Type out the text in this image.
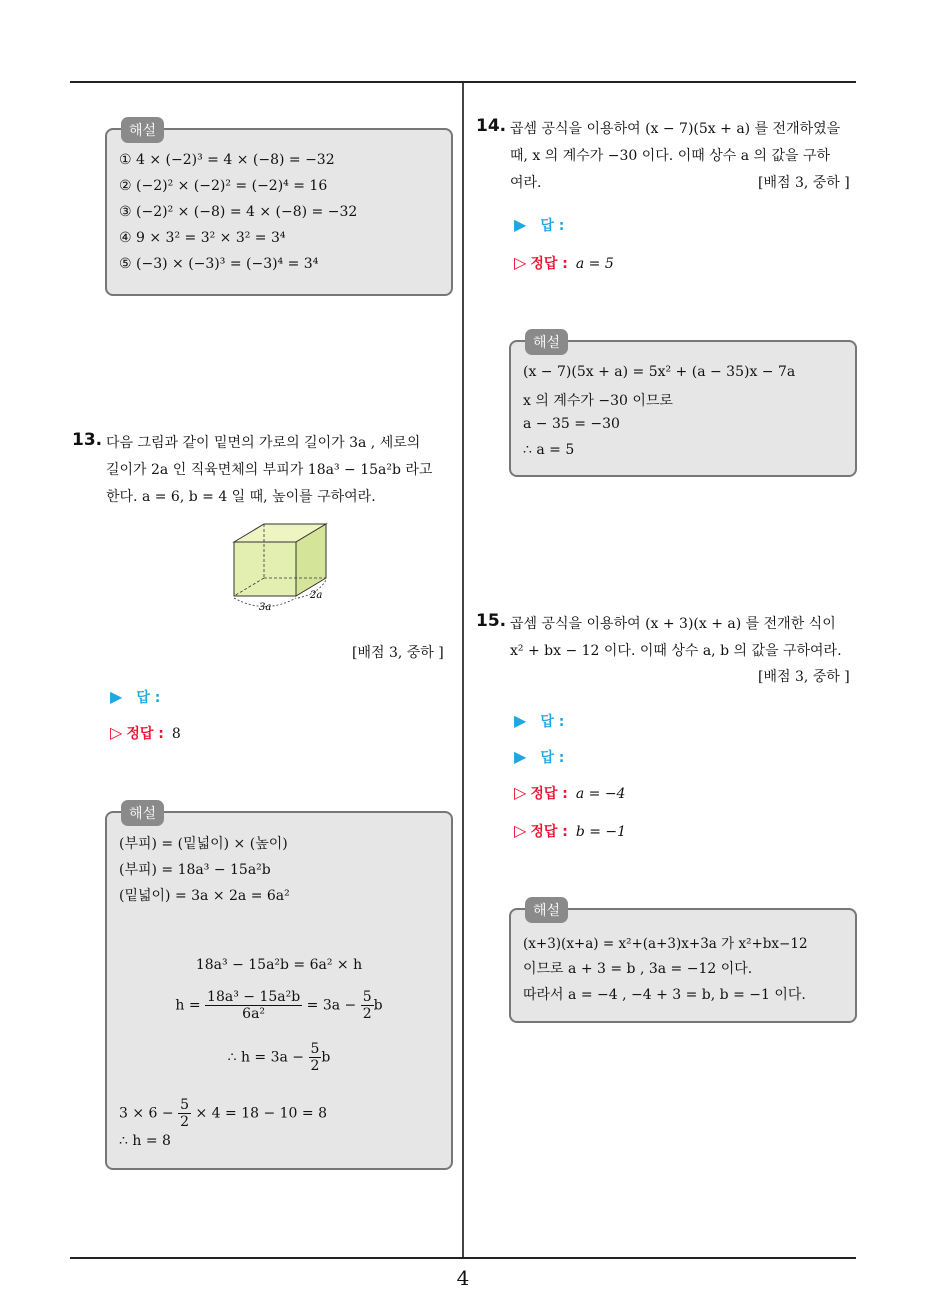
해설
① 4 × (−2)³ = 4 × (−8) = −32
② (−2)² × (−2)² = (−2)⁴ = 16
③ (−2)² × (−8) = 4 × (−8) = −32
④ 9 × 3² = 3² × 3² = 3⁴
⑤ (−3) × (−3)³ = (−3)⁴ = 3⁴
13. 다음 그림과 같이 밑면의 가로의 길이가 3a , 세로의
길이가 2a 인 직육면체의 부피가 18a³ − 15a²b 라고
한다. a = 6, b = 4 일 때, 높이를 구하여라.
3a
2a
[배점 3, 중하 ]
▶ 답 :
▷ 정답 : 8
해설
(부피) = (밑넓이) × (높이)
(부피) = 18a³ − 15a²b
(밑넓이) = 3a × 2a = 6a²
18a³ − 15a²b = 6a² × h
$h = \frac{\text{18a³ − 15a²b}}{\text{6a²}} = 3a - \frac{5}{2}$ b
∴ $h = 3a - \frac{5}{2}$ b
$3 \times 6 - \frac{5}{2} \times 4 = 18 - 10 = 8$
∴ h = 8
14. 곱셈 공식을 이용하여 (x − 7)(5x + a) 를 전개하였을
때, x 의 계수가 −30 이다. 이때 상수 a 의 값을 구하
여라.	[배점 3, 중하 ]
▶ 답 :
▷ 정답 : a = 5
해설
(x − 7)(5x + a) = 5x² + (a − 35)x − 7a
x 의 계수가 −30 이므로
a − 35 = −30
∴ a = 5
15. 곱셈 공식을 이용하여 (x + 3)(x + a) 를 전개한 식이
x² + bx − 12 이다. 이때 상수 a, b 의 값을 구하여라.
[배점 3, 중하 ]
▶ 답 :
▶ 답 :
▷ 정답 : a = −4
▷ 정답 : b = −1
해설
(x+3)(x+a) = x²+(a+3)x+3a 가 x²+bx−12
이므로 a + 3 = b , 3a = −12 이다.
따라서 a = −4 , −4 + 3 = b, b = −1 이다.
4
